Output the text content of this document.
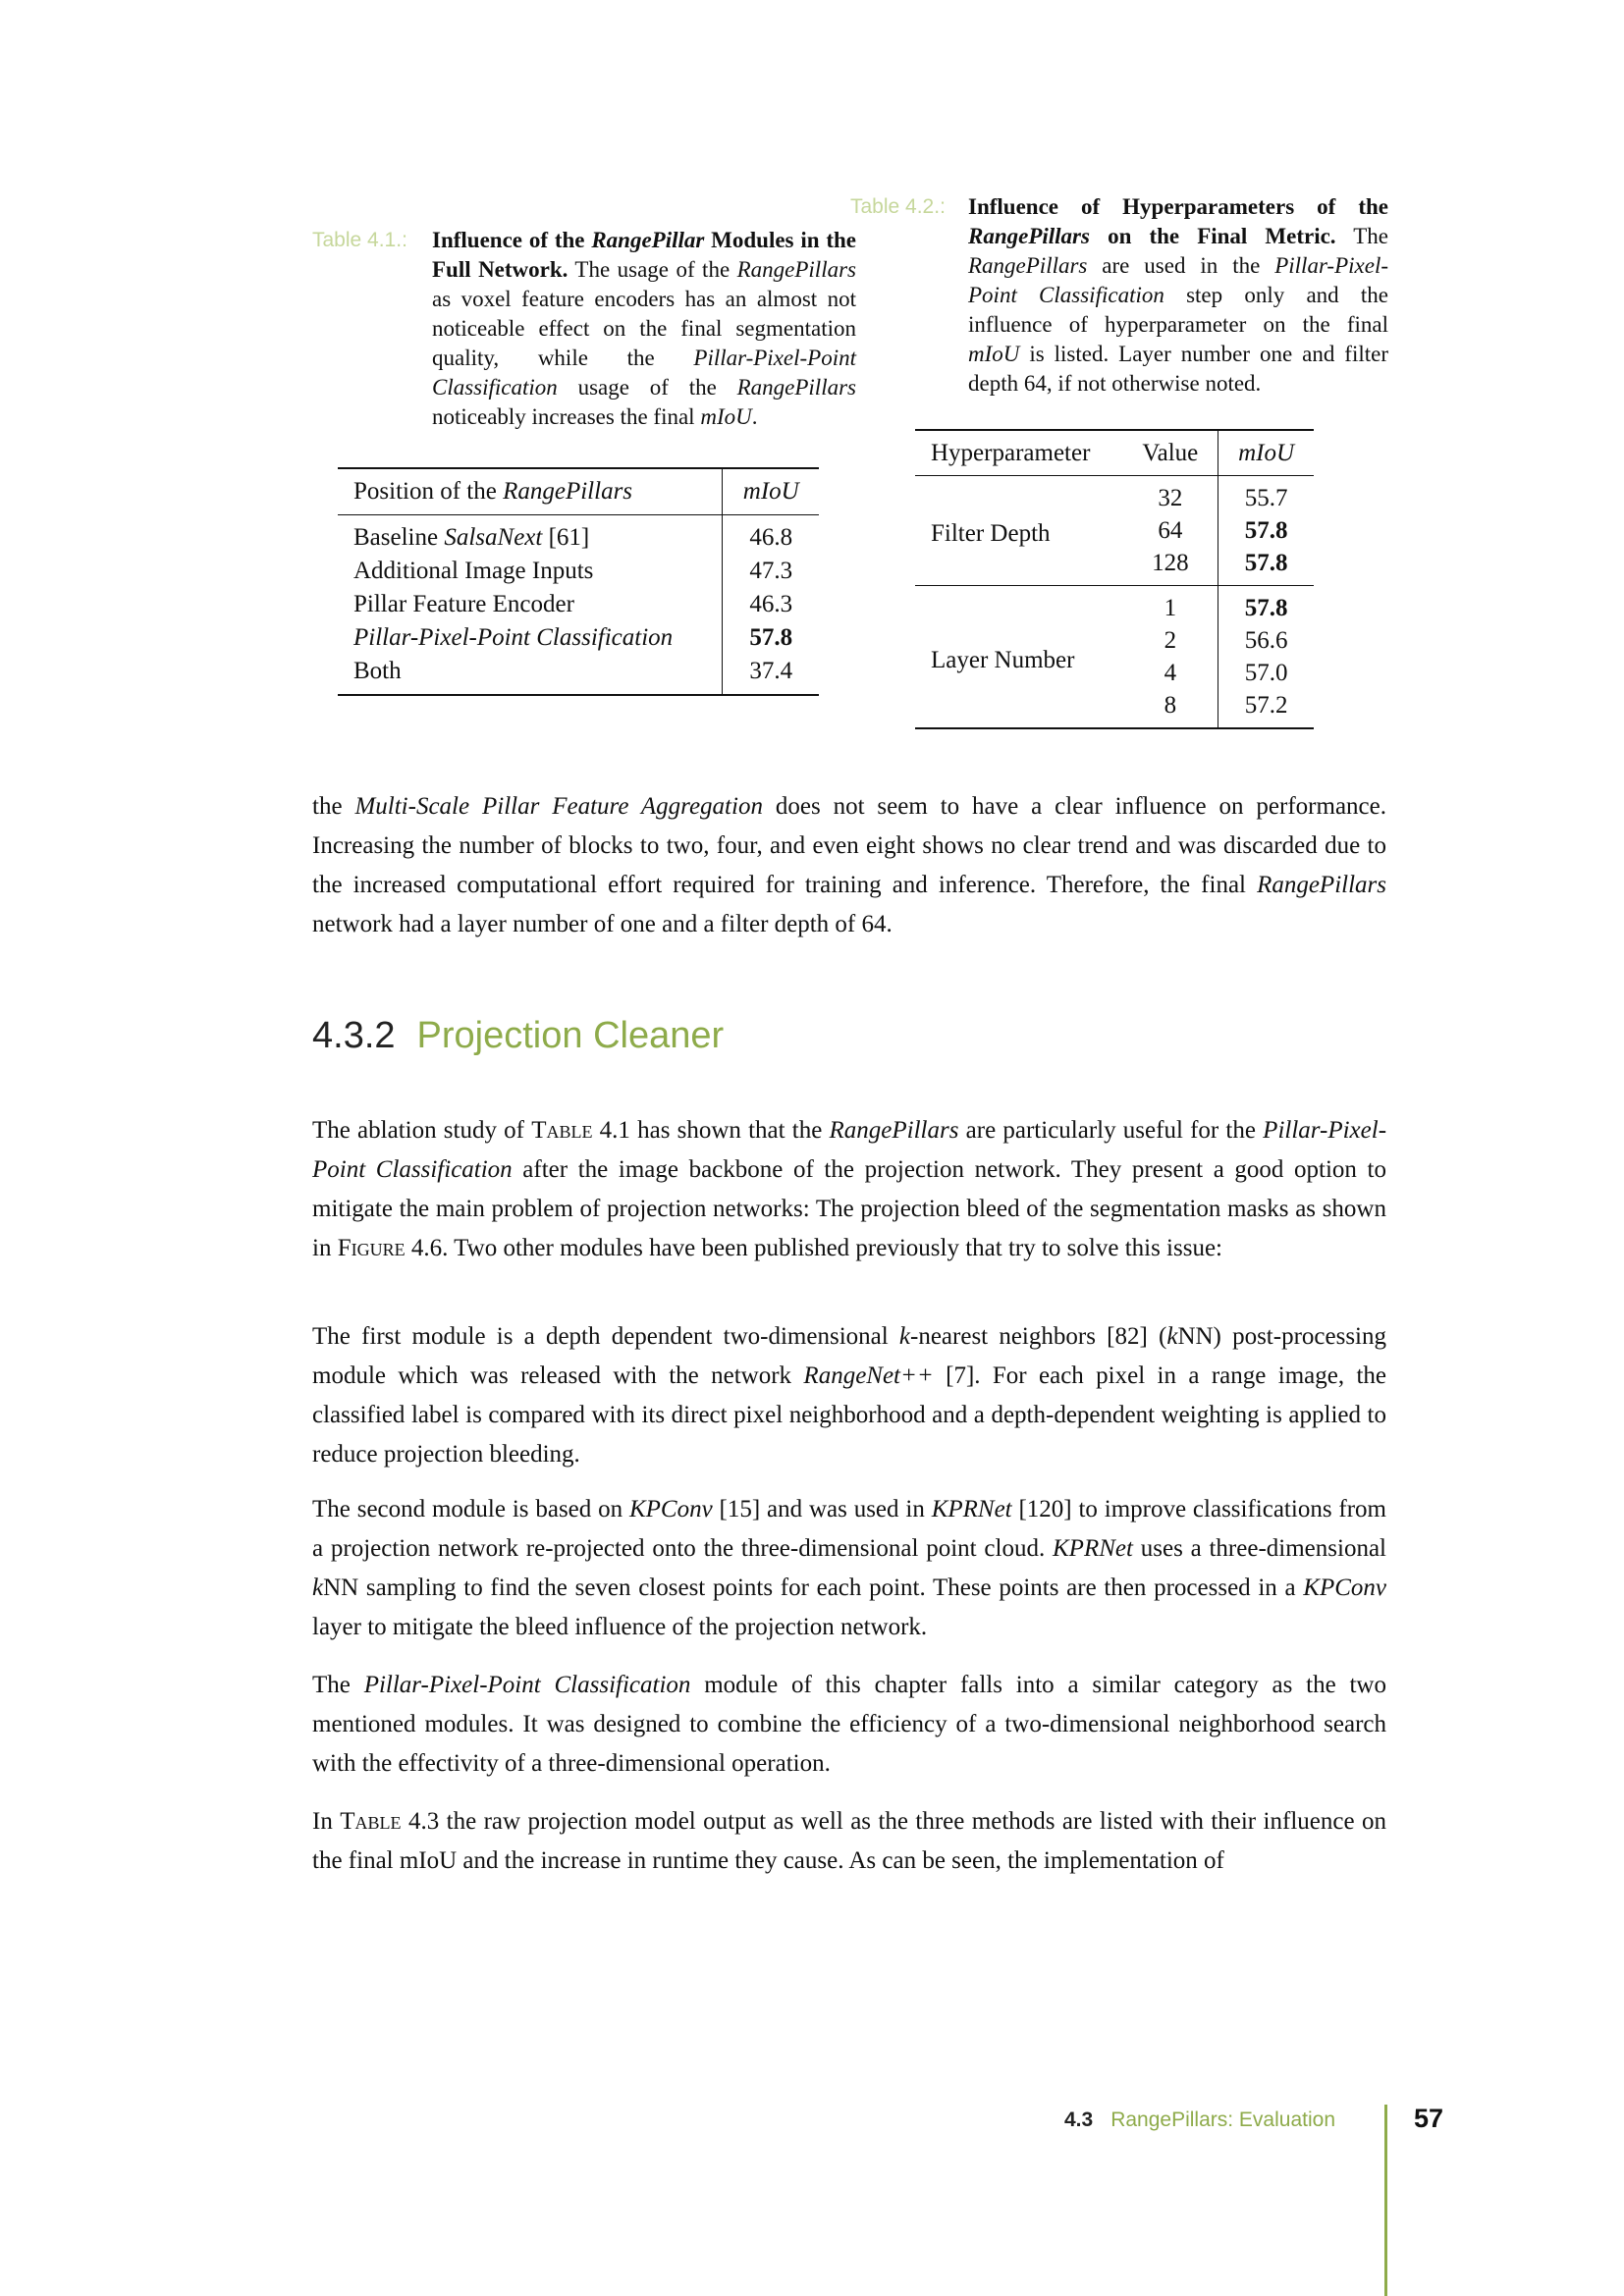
Table 4.1.: Influence of the RangePillar Modules in the Full Network. The usage of the RangePillars as voxel feature encoders has an almost not noticeable effect on the final segmentation quality, while the Pillar-Pixel-Point Classification usage of the RangePillars noticeably increases the final mIoU.
Position of the RangePillars	mIoU
Baseline SalsaNext [61]	46.8
Additional Image Inputs	47.3
Pillar Feature Encoder	46.3
Pillar-Pixel-Point Classification	57.8
Both	37.4
Table 4.2.: Influence of Hyperparameters of the RangePillars on the Final Metric. The RangePillars are used in the Pillar-Pixel-Point Classification step only and the influence of hyperparameter on the final mIoU is listed. Layer number one and filter depth 64, if not otherwise noted.
Hyperparameter	Value	mIoU
Filter Depth	32	55.7
	64	57.8
	128	57.8
Layer Number	1	57.8
	2	56.6
	4	57.0
	8	57.2

the Multi-Scale Pillar Feature Aggregation does not seem to have a clear influence on performance. Increasing the number of blocks to two, four, and even eight shows no clear trend and was discarded due to the increased computational effort required for training and inference. Therefore, the final RangePillars network had a layer number of one and a filter depth of 64.

4.3.2 Projection Cleaner

The ablation study of Table 4.1 has shown that the RangePillars are particularly useful for the Pillar-Pixel-Point Classification after the image backbone of the projection network. They present a good option to mitigate the main problem of projection networks: The projection bleed of the segmentation masks as shown in Figure 4.6. Two other modules have been published previously that try to solve this issue:

The first module is a depth dependent two-dimensional k-nearest neighbors [82] (kNN) post-processing module which was released with the network RangeNet++ [7]. For each pixel in a range image, the classified label is compared with its direct pixel neighborhood and a depth-dependent weighting is applied to reduce projection bleeding.

The second module is based on KPConv [15] and was used in KPRNet [120] to improve classifications from a projection network re-projected onto the three-dimensional point cloud. KPRNet uses a three-dimensional kNN sampling to find the seven closest points for each point. These points are then processed in a KPConv layer to mitigate the bleed influence of the projection network.

The Pillar-Pixel-Point Classification module of this chapter falls into a similar category as the two mentioned modules. It was designed to combine the efficiency of a two-dimensional neighborhood search with the effectivity of a three-dimensional operation.

In Table 4.3 the raw projection model output as well as the three methods are listed with their influence on the final mIoU and the increase in runtime they cause. As can be seen, the implementation of

4.3 RangePillars: Evaluation	57
